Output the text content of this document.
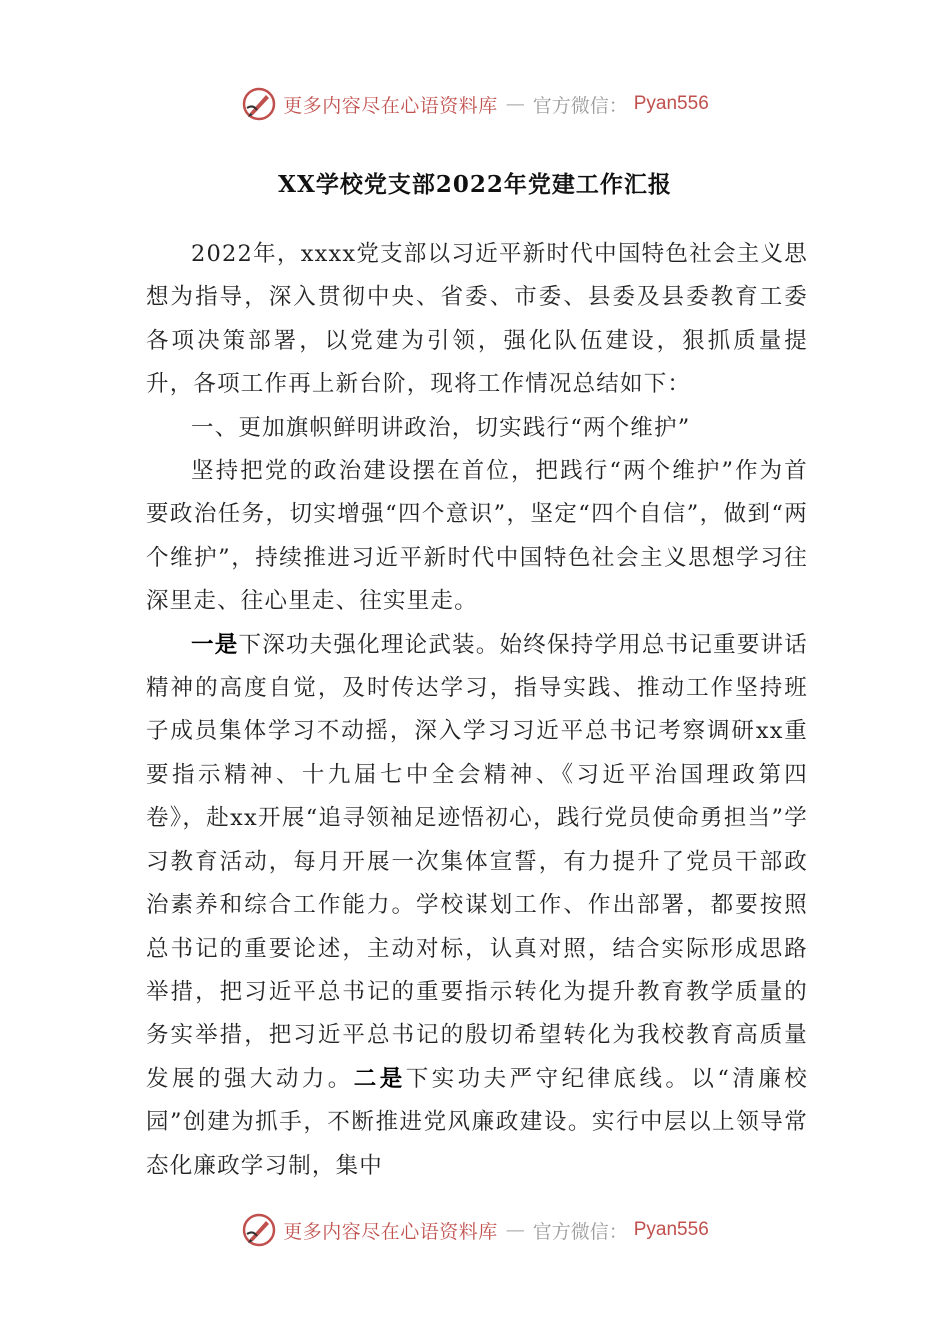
更多内容尽在心语资料库 — 官方微信： Pyan556
XX学校党支部2022年党建工作汇报

2022年，xxxx党支部以习近平新时代中国特色社会主义思想为指导，深入贯彻中央、省委、市委、县委及县委教育工委各项决策部署，以党建为引领，强化队伍建设，狠抓质量提升，各项工作再上新台阶，现将工作情况总结如下：

一、更加旗帜鲜明讲政治，切实践行“两个维护”

坚持把党的政治建设摆在首位，把践行“两个维护”作为首要政治任务，切实增强“四个意识”，坚定“四个自信”，做到“两个维护”，持续推进习近平新时代中国特色社会主义思想学习往深里走、往心里走、往实里走。

一是下深功夫强化理论武装。始终保持学用总书记重要讲话精神的高度自觉，及时传达学习，指导实践、推动工作坚持班子成员集体学习不动摇，深入学习习近平总书记考察调研xx重要指示精神、十九届七中全会精神、《习近平治国理政第四卷》，赴xx开展“追寻领袖足迹悟初心，践行党员使命勇担当”学习教育活动，每月开展一次集体宣誓，有力提升了党员干部政治素养和综合工作能力。学校谋划工作、作出部署，都要按照总书记的重要论述，主动对标，认真对照，结合实际形成思路举措，把习近平总书记的重要指示转化为提升教育教学质量的务实举措，把习近平总书记的殷切希望转化为我校教育高质量发展的强大动力。二是下实功夫严守纪律底线。以“清廉校园”创建为抓手，不断推进党风廉政建设。实行中层以上领导常态化廉政学习制，集中

更多内容尽在心语资料库 — 官方微信： Pyan556
